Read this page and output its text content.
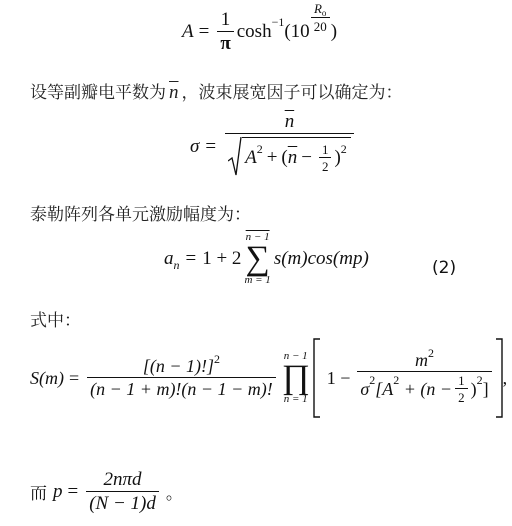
$A = \frac{1}{\pi}$ cosh −1 ($10 \frac{R_o}{20}$ )
设等副瓣电平数为 $\overline{n}$ ，波束展宽因子可以确定为：
σ =
$\overline{n}$
A 2 + ( $\overline{n} - \frac{1}{2}$ ) 2
泰勒阵列各单元激励幅度为：
a n = 1 + 2
n − 1
∑
m = 1
s(m)cos(mp)	(2)
式中：
$S(m) = \frac{[(n - 1)!]^2}{(n - 1 + m)!(n - 1 - m)!}$
n − 1
∏
n = 1
1 −
$m^2$
σ 2 [A $2 + (n - \frac{1}{2}$ ) 2 ]
,
而 $p = \frac{\text{2nπd}}{(N - 1)d}$ 。
